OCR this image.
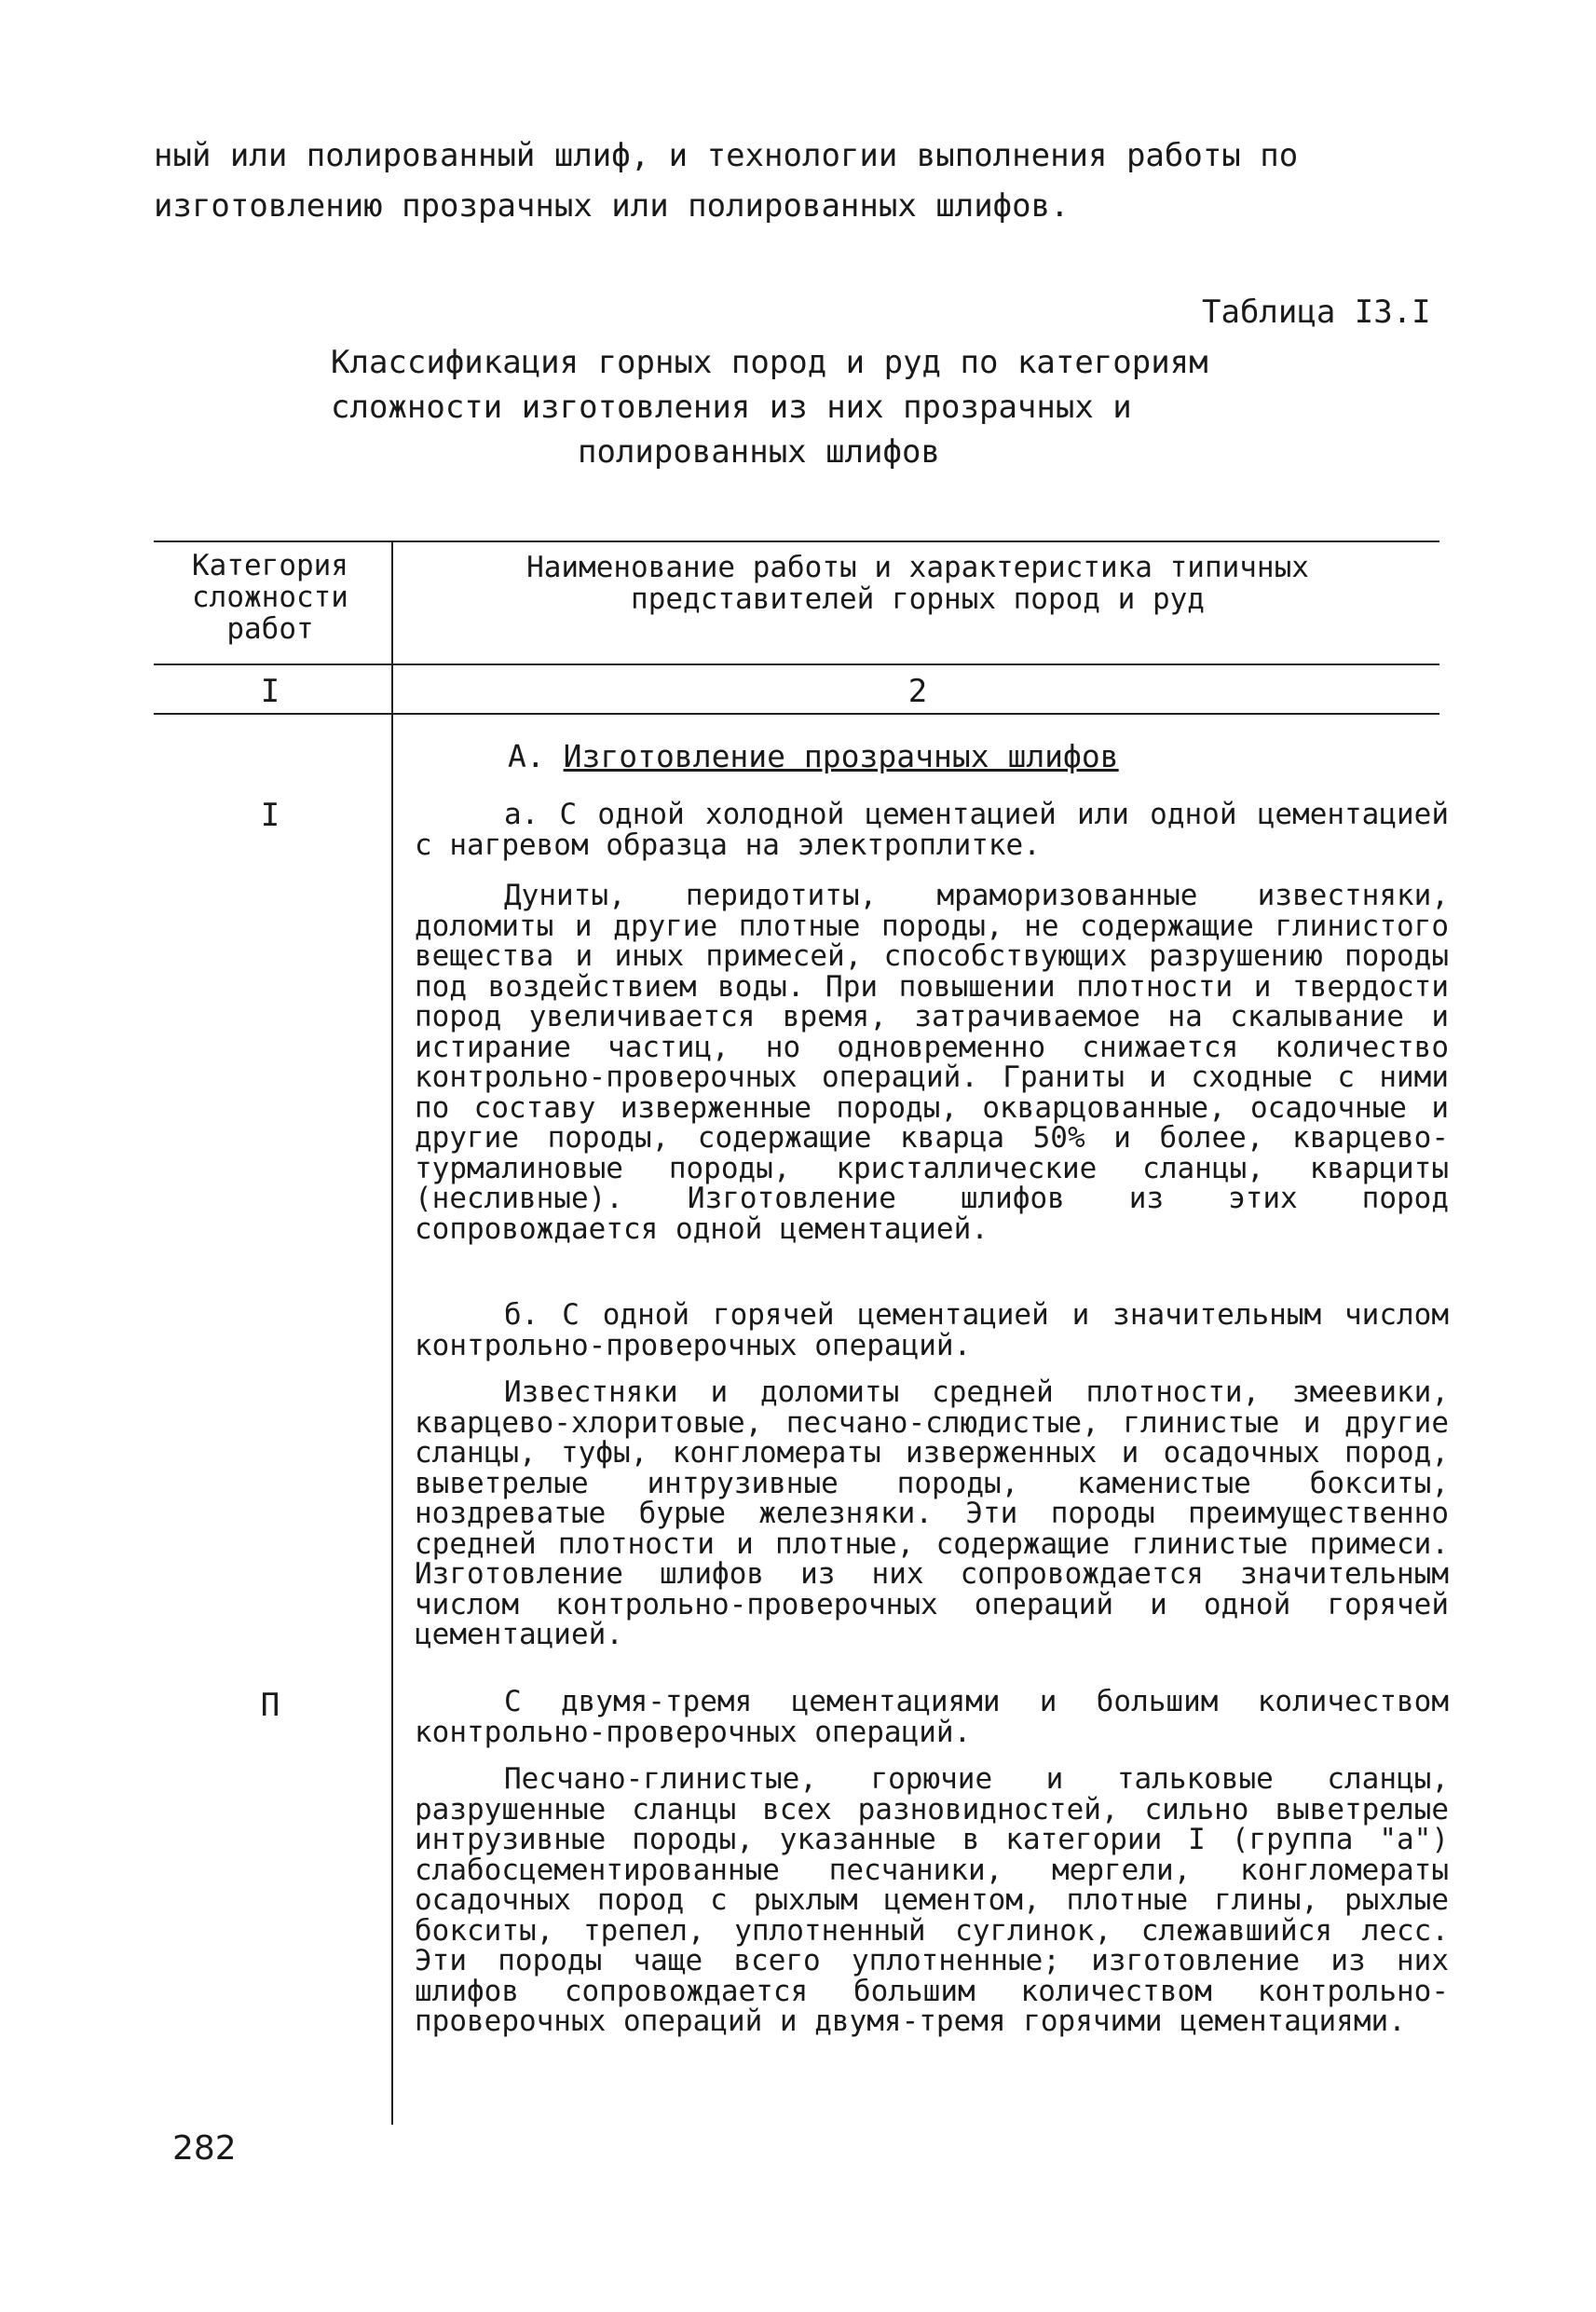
ный или полированный шлиф, и технологии выполнения работы по
изготовлению прозрачных или полированных шлифов.
Таблица I3.I
Классификация горных пород и руд по категориям
сложности изготовления из них прозрачных и

полированных шлифов
Категория
сложности
работ
Наименование работы и характеристика типичных
представителей горных пород и руд
I	2
А. Изготовление прозрачных шлифов
I
П

а. С одной холодной цементацией или одной цементацией с нагревом образца на электроплитке.

Дуниты, перидотиты, мраморизованные известняки, доломиты и другие плотные породы, не содержащие глинистого вещества и иных примесей, способствующих разрушению породы под воздействием воды. При повышении плотности и твердости пород увеличивается время, затрачиваемое на скалывание и истирание частиц, но одновременно снижается количество контрольно-проверочных операций. Граниты и сходные с ними по составу изверженные породы, окварцованные, осадочные и другие породы, содержащие кварца 50% и более, кварцево-турмалиновые породы, кристаллические сланцы, кварциты (несливные). Изготовление шлифов из этих пород сопровождается одной цементацией.

б. С одной горячей цементацией и значительным числом контрольно-проверочных операций.

Известняки и доломиты средней плотности, змеевики, кварцево-хлоритовые, песчано-слюдистые, глинистые и другие сланцы, туфы, конгломераты изверженных и осадочных пород, выветрелые интрузивные породы, каменистые бокситы, ноздреватые бурые железняки. Эти породы преимущественно средней плотности и плотные, содержащие глинистые примеси. Изготовление шлифов из них сопровождается значительным числом контрольно-проверочных операций и одной горячей цементацией.

С двумя-тремя цементациями и большим количеством контрольно-проверочных операций.

Песчано-глинистые, горючие и тальковые сланцы, разрушенные сланцы всех разновидностей, сильно выветрелые интрузивные породы, указанные в категории I (группа "а") слабосцементированные песчаники, мергели, конгломераты осадочных пород с рыхлым цементом, плотные глины, рыхлые бокситы, трепел, уплотненный суглинок, слежавшийся лесс. Эти породы чаще всего уплотненные; изготовление из них шлифов сопровождается большим количеством контрольно-проверочных операций и двумя-тремя горячими цементациями.

282
